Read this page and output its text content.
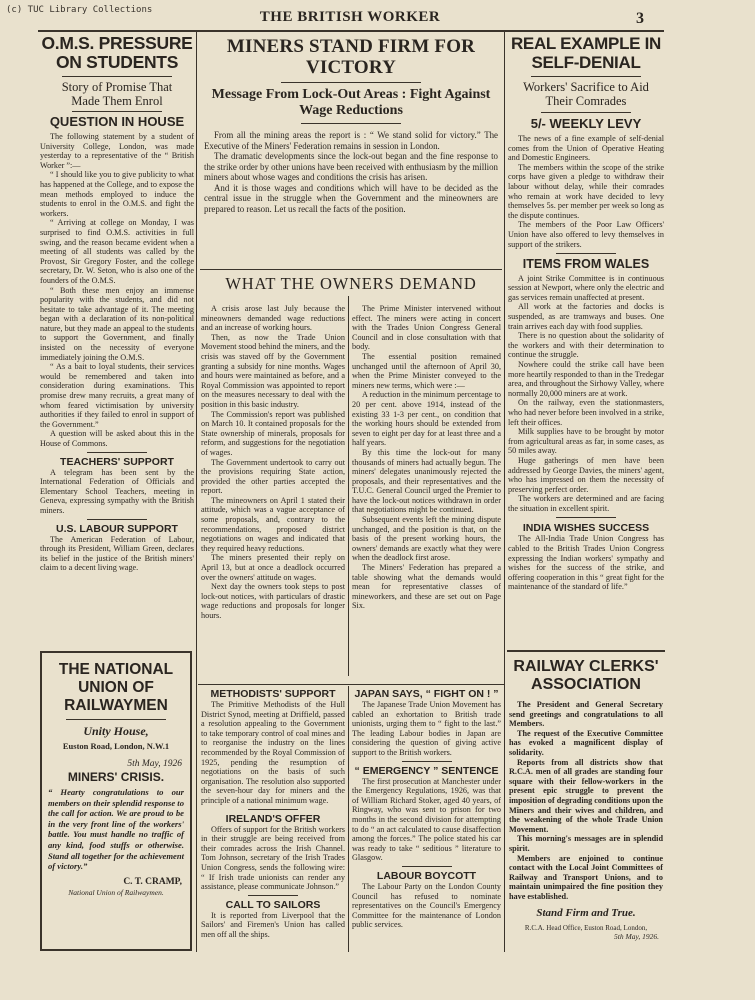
(c) TUC Library Collections	THE BRITISH WORKER	3
O.M.S. PRESSURE ON STUDENTS
Story of Promise That Made Them Enrol
QUESTION IN HOUSE

The following statement by a student of University College, London, was made yesterday to a representative of the “ British Worker ”:—

“ I should like you to give publicity to what has happened at the College, and to expose the mean methods employed to induce the students to enrol in the O.M.S. and fight the workers.

“ Arriving at college on Monday, I was surprised to find O.M.S. activities in full swing, and the reason became evident when a meeting of all students was called by the Provost, Sir Gregory Foster, and the college secretary, Dr. W. Seton, who is also one of the founders of the O.M.S.

“ Both these men enjoy an immense popularity with the students, and did not hesitate to take advantage of it. The meeting began with a declaration of its non-political nature, but they made an appeal to the students to support the Government, and finally insisted on the necessity of everyone immediately joining the O.M.S.

“ As a bait to loyal students, their services would be remembered and taken into consideration during examinations. This promise drew many recruits, a great many of whom feared victimisation by university authorities if they failed to enrol in support of the Government.”

A question will be asked about this in the House of Commons.

TEACHERS' SUPPORT

A telegram has been sent by the International Federation of Officials and Elementary School Teachers, meeting in Geneva, expressing sympathy with the British miners.

U.S. LABOUR SUPPORT

The American Federation of Labour, through its President, William Green, declares its belief in the justice of the British miners' claim to a decent living wage.

THE NATIONAL UNION OF RAILWAYMEN
Unity House,
Euston Road, London, N.W.1
5th May, 1926
MINERS' CRISIS.
“ Hearty congratulations to our members on their splendid response to the call for action. We are proud to be in the very front line of the workers' battle. You must handle no traffic of any kind, food stuffs or otherwise. Stand all together for the achievement of victory.”
C. T. CRAMP,
National Union of Railwaymen.
MINERS STAND FIRM FOR VICTORY
Message From Lock-Out Areas : Fight Against Wage Reductions

From all the mining areas the report is : “ We stand solid for victory.” The Executive of the Miners' Federation remains in session in London.

The dramatic developments since the lock-out began and the fine response to the strike order by other unions have been received with enthusiasm by the million miners about whose wages and conditions the crisis has arisen.

And it is those wages and conditions which will have to be decided as the central issue in the struggle when the Government and the mineowners are prepared to reason. Let us recall the facts of the position.

WHAT THE OWNERS DEMAND

A crisis arose last July because the mineowners demanded wage reductions and an increase of working hours.

Then, as now the Trade Union Movement stood behind the miners, and the crisis was staved off by the Government granting a subsidy for nine months. Wages and hours were maintained as before, and a Royal Commission was appointed to report on the measures necessary to deal with the position in this basic industry.

The Commission's report was published on March 10. It contained proposals for the State ownership of minerals, proposals for reform, and suggestions for the negotiation of wages.

The Government undertook to carry out the provisions requiring State action, provided the other parties accepted the report.

The mineowners on April 1 stated their attitude, which was a vague acceptance of some proposals, and, contrary to the recommendations, proposed district negotiations on wages and indicated that they required heavy reductions.

The miners presented their reply on April 13, but at once a deadlock occurred over the owners' attitude on wages.

Next day the owners took steps to post lock-out notices, with particulars of drastic wage reductions and proposals for longer hours.

The Prime Minister intervened without effect. The miners were acting in concert with the Trades Union Congress General Council and in close consultation with that body.

The essential position remained unchanged until the afternoon of April 30, when the Prime Minister conveyed to the miners new terms, which were :—

A reduction in the minimum percentage to 20 per cent. above 1914, instead of the existing 33 1-3 per cent., on condition that the working hours should be extended from seven to eight per day for at least three and a half years.

By this time the lock-out for many thousands of miners had actually begun. The miners' delegates unanimously rejected the proposals, and their representatives and the T.U.C. General Council urged the Premier to have the lock-out notices withdrawn in order that negotiations might be continued.

Subsequent events left the mining dispute unchanged, and the position is that, on the basis of the present working hours, the owners' demands are exactly what they were when the deadlock first arose.

The Miners' Federation has prepared a table showing what the demands would mean for representative classes of mineworkers, and these are set out on Page Six.

METHODISTS' SUPPORT

The Primitive Methodists of the Hull District Synod, meeting at Driffield, passed a resolution appealing to the Government to take temporary control of coal mines and to reorganise the industry on the lines recommended by the Royal Commission of 1925, pending the resumption of negotiations on the basis of such organisation. The resolution also supported the seven-hour day for miners and the principle of a national minimum wage.

IRELAND'S OFFER

Offers of support for the British workers in their struggle are being received from their comrades across the Irish Channel. Tom Johnson, secretary of the Irish Trades Union Congress, sends the following wire: “ If Irish trade unionists can render any assistance, please communicate Johnson.”

CALL TO SAILORS

It is reported from Liverpool that the Sailors' and Firemen's Union has called men off all the ships.

JAPAN SAYS, “ FIGHT ON ! ”

The Japanese Trade Union Movement has cabled an exhortation to British trade unionists, urging them to “ fight to the last.” The leading Labour bodies in Japan are considering the question of giving active support to the British workers.

“ EMERGENCY ” SENTENCE

The first prosecution at Manchester under the Emergency Regulations, 1926, was that of William Richard Stoker, aged 40 years, of Ringway, who was sent to prison for two months in the second division for attempting to do “ an act calculated to cause disaffection among the forces.” The police stated his car was ready to take “ seditious ” literature to Glasgow.

LABOUR BOYCOTT

The Labour Party on the London County Council has refused to nominate representatives on the Council's Emergency Committee for the maintenance of London public services.

REAL EXAMPLE IN SELF-DENIAL
Workers' Sacrifice to Aid Their Comrades
5/- WEEKLY LEVY

The news of a fine example of self-denial comes from the Union of Operative Heating and Domestic Engineers.

The members within the scope of the strike corps have given a pledge to withdraw their labour without delay, while their comrades who remain at work have decided to levy themselves 5s. per member per week so long as the dispute continues.

The members of the Poor Law Officers' Union have also offered to levy themselves in support of the strikers.

ITEMS FROM WALES

A joint Strike Committee is in continuous session at Newport, where only the electric and gas services remain unaffected at present.

All work at the factories and docks is suspended, as are tramways and buses. One train arrives each day with food supplies.

There is no question about the solidarity of the workers and with their determination to continue the struggle.

Nowhere could the strike call have been more heartily responded to than in the Tredegar area, and throughout the Sirhowy Valley, where normally 20,000 miners are at work.

On the railway, even the stationmasters, who had never before been involved in a strike, left their offices.

Milk supplies have to be brought by motor from agricultural areas as far, in some cases, as 50 miles away.

Huge gatherings of men have been addressed by George Davies, the miners' agent, who has impressed on them the necessity of preserving perfect order.

The workers are determined and are facing the situation in excellent spirit.

INDIA WISHES SUCCESS

The All-India Trade Union Congress has cabled to the British Trades Union Congress expressing the Indian workers' sympathy and wishes for the success of the strike, and offering cooperation in this “ great fight for the maintenance of the standard of life.”

RAILWAY CLERKS' ASSOCIATION

The President and General Secretary send greetings and congratulations to all Members.

The request of the Executive Committee has evoked a magnificent display of solidarity.

Reports from all districts show that R.C.A. men of all grades are standing four square with their fellow-workers in the present epic struggle to prevent the imposition of degrading conditions upon the Miners and their wives and children, and the weakening of the whole Trade Union Movement.

This morning's messages are in splendid spirit.

Members are enjoined to continue contact with the Local Joint Committees of Railway and Transport Unions, and to maintain unimpaired the fine position they have established.

Stand Firm and True.
R.C.A. Head Office, Euston Road, London,
5th May, 1926.
